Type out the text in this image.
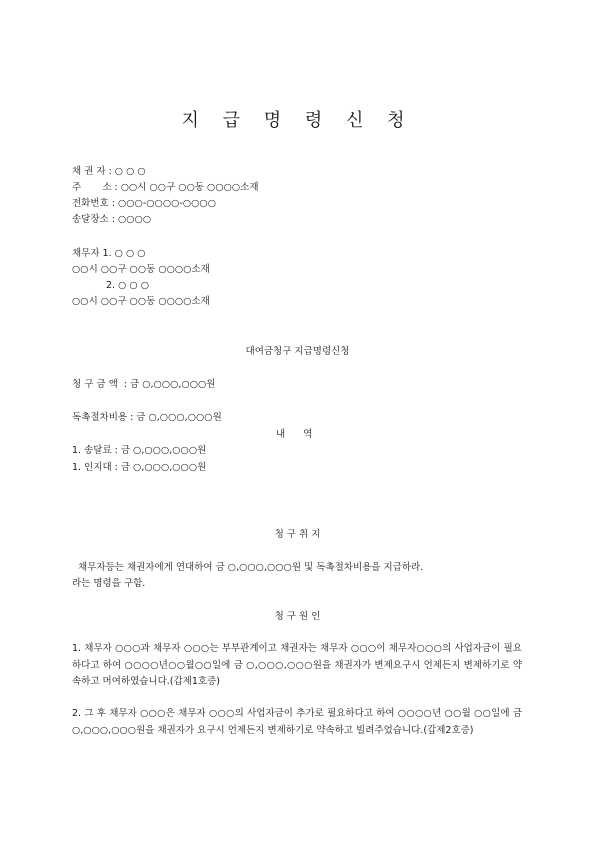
지 급 명 령 신 청
채 권 자 : ○ ○ ○
주       소 : ○○시 ○○구 ○○동 ○○○○소재
전화번호 : ○○○-○○○○-○○○○
송달장소 : ○○○○
채무자 1. ○ ○ ○
○○시 ○○구 ○○동 ○○○○소재
2. ○ ○ ○
○○시 ○○구 ○○동 ○○○○소재
대여금청구 지급명령신청
청 구 금 액  : 금 ○,○○○,○○○원
독촉절차비용 : 금 ○,○○○,○○○원
내      역
1. 송달료 : 금 ○,○○○,○○○원
1. 인지대 : 금 ○,○○○,○○○원
청 구 취 지
채무자등는 채권자에게 연대하여 금 ○,○○○,○○○원 및 독촉절차비용을 지급하라.
라는 명령을 구함.
청 구 원 인
1. 채무자 ○○○과 채무자 ○○○는 부부관계이고 채권자는 채무자 ○○○이 채무자○○○의 사업자금이 필요하다고 하여 ○○○○년○○월○○일에 금 ○,○○○,○○○원을 채권자가 변제요구시 언제든지 변제하기로 약속하고 머여하였습니다.(갑제1호증)
2. 그 후 채무자 ○○○은 채무자 ○○○의 사업자금이 추가로 필요하다고 하여 ○○○○년 ○○월 ○○일에 금 ○,○○○,○○○원을 채권자가 요구시 언제든지 변제하기로 약속하고 빌려주었습니다.(갑제2호증)
